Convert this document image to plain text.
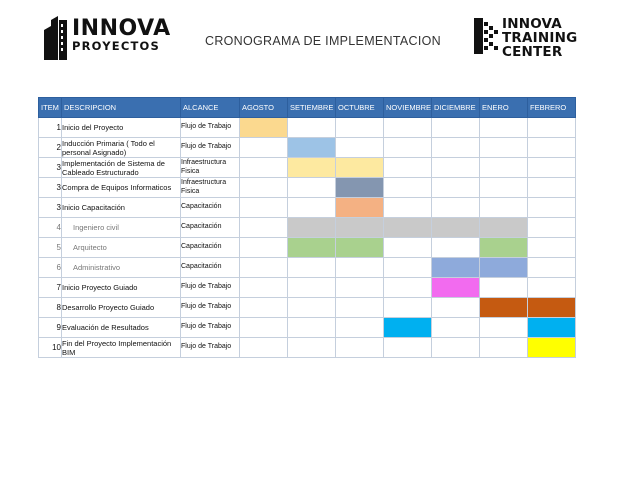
INNOVA
PROYECTOS	CRONOGRAMA DE IMPLEMENTACION
INNOVA
TRAINING
CENTER
ITEM	DESCRIPCION	ALCANCE	AGOSTO	SETIEMBRE	OCTUBRE	NOVIEMBRE	DICIEMBRE	ENERO	FEBRERO
1	Inicio del Proyecto	Flujo de Trabajo							
2	Inducción Primaria ( Todo el personal Asignado)	Flujo de Trabajo							
3	Implementación de Sistema de Cableado Estructurado	Infraestructura Fisica							
3	Compra de Equipos Informaticos	Infraestructura Fisica							
3	Inicio Capacitación	Capacitación							
4	Ingeniero civil	Capacitación							
5	Arquitecto	Capacitación							
6	Administrativo	Capacitación							
7	Inicio Proyecto Guiado	Flujo de Trabajo							
8	Desarrollo Proyecto Guiado	Flujo de Trabajo							
9	Evaluación de Resultados	Flujo de Trabajo							
10	Fin del Proyecto Implementación BIM	Flujo de Trabajo							
